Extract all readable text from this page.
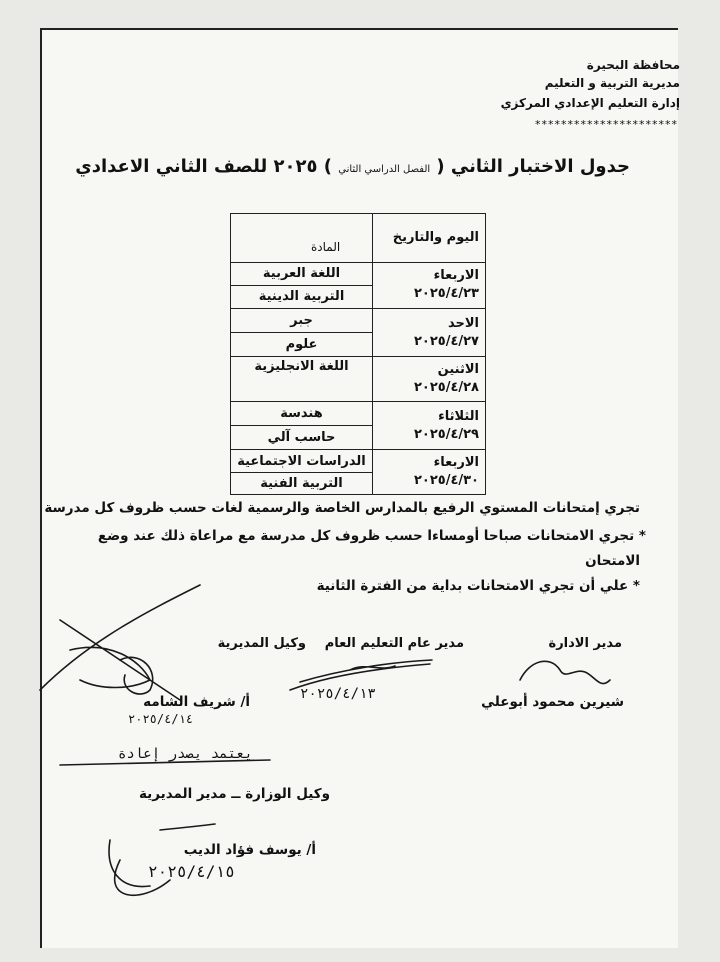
محافظة البحيرة
مديرية التربية و التعليم
إدارة التعليم الإعدادي المركزي
**********************
جدول الاختبار الثاني ( الفصل الدراسي الثاني ) ٢٠٢٥ للصف الثاني الاعدادي
اليوم والتاريخ	المادة

الاربعاء
٢٠٢٥/٤/٢٣	اللغة العربية
	التربية الدينية

الاحد
٢٠٢٥/٤/٢٧	جبر
	علوم

الاثنين
٢٠٢٥/٤/٢٨	اللغة الانجليزية

الثلاثاء
٢٠٢٥/٤/٢٩	هندسة
	حاسب آلي

الاربعاء
٢٠٢٥/٤/٣٠	الدراسات الاجتماعية
	التربية الفنية
تجري إمتحانات المستوي الرفيع بالمدارس الخاصة والرسمية لغات حسب ظروف كل مدرسة
* تجري الامتحانات صباحا أومساءا حسب ظروف كل مدرسة مع مراعاة ذلك عند وضع
الامتحان
* علي أن تجري الامتحانات بداية من الفترة الثانية
مدير الادارة
مدير عام التعليم العام
وكيل المديرية
شيرين محمود أبوعلي
٢٠٢٥/٤/١٣
أ/ شريف الشامه
٢٠٢٥/٤/١٤
يعتمد يصدر إعادة
وكيل الوزارة ــ مدير المديرية
أ/ يوسف فؤاد الديب
٢٠٢٥/٤/١٥
